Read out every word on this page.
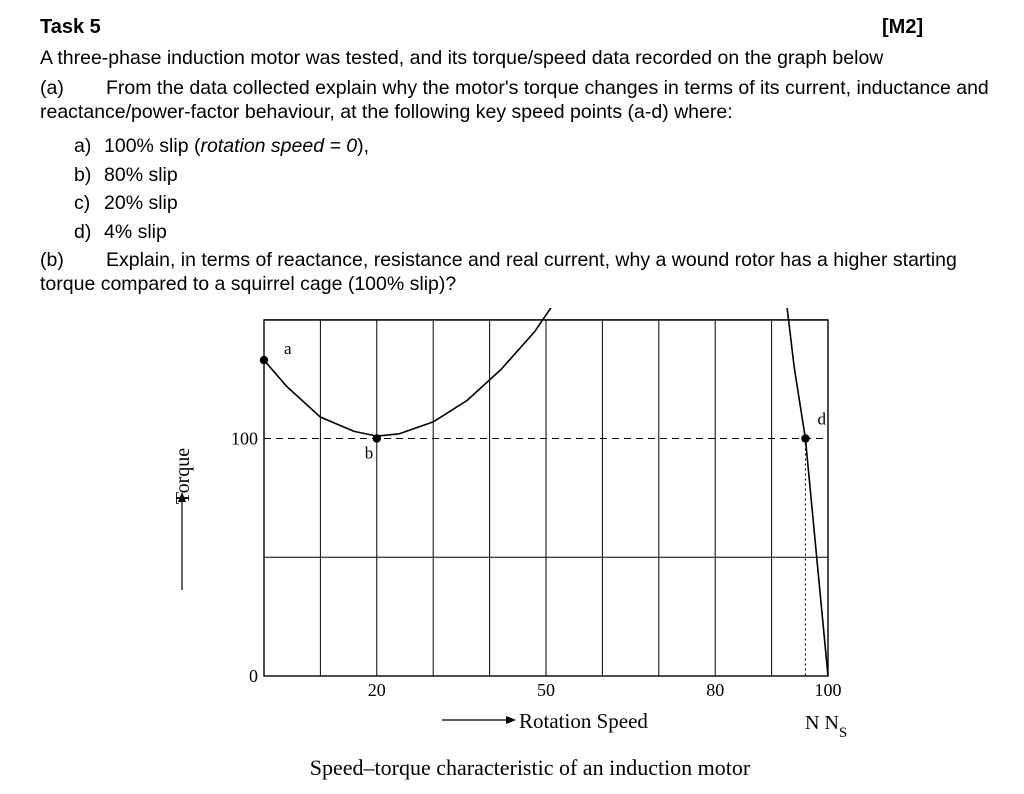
Task 5	[M2]
A three-phase induction motor was tested, and its torque/speed data recorded on the graph below
(a) From the data collected explain why the motor's torque changes in terms of its current, inductance and reactance/power-factor behaviour, at the following key speed points (a-d) where:
a) 100% slip (rotation speed = 0),
b) 80% slip
c) 20% slip
d) 4% slip
(b) Explain, in terms of reactance, resistance and real current, why a wound rotor has a higher starting torque compared to a squirrel cage (100% slip)?
20	50	80	100
0
100
a
b
d
Torque
Rotation Speed	N $N_S$
Speed–torque characteristic of an induction motor
